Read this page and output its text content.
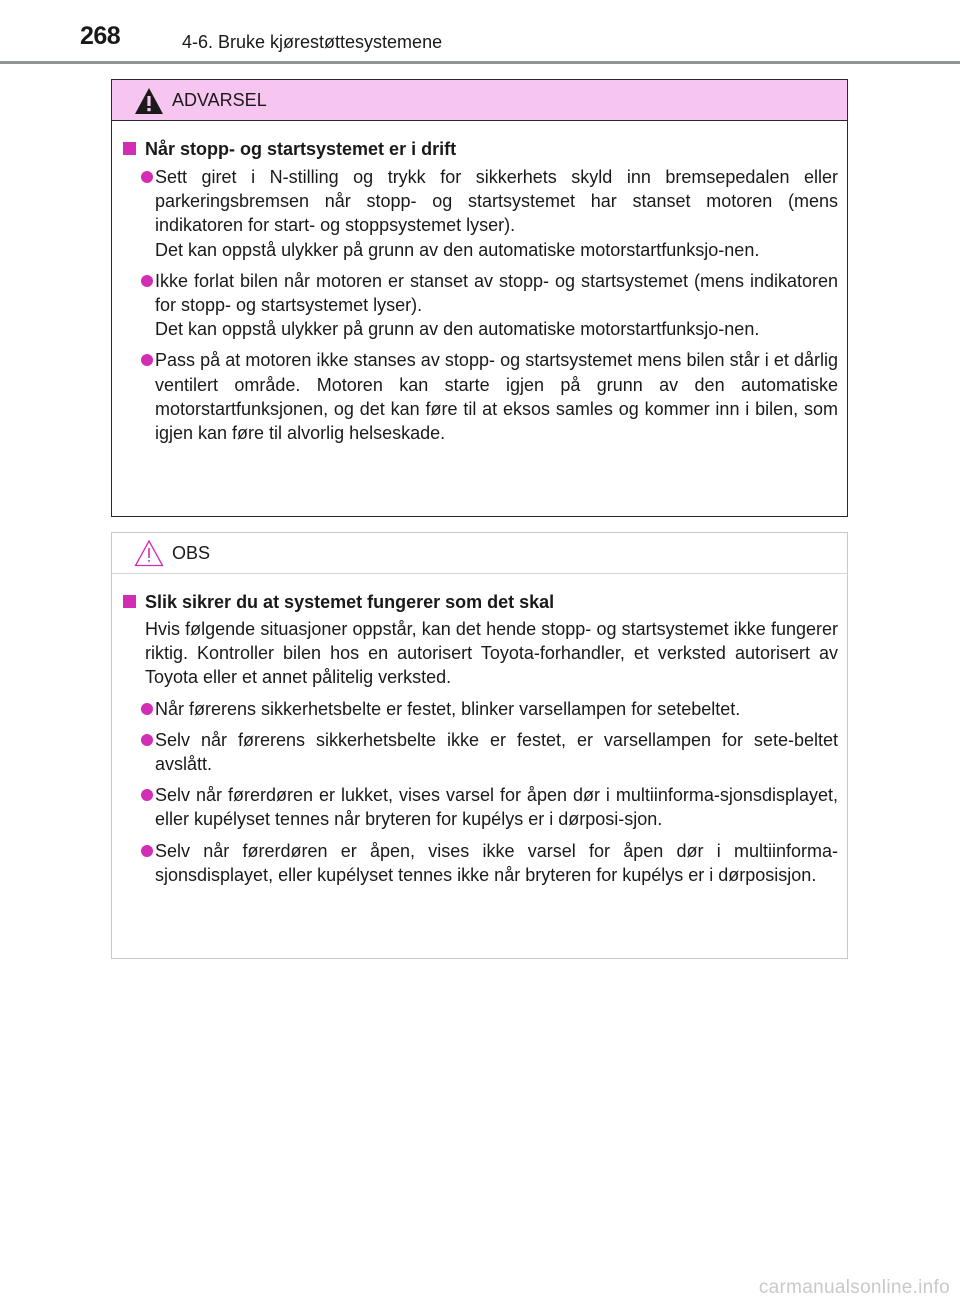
268	4-6. Bruke kjørestøttesystemene
ADVARSEL
Når stopp- og startsystemet er i drift
Sett giret i N-stilling og trykk for sikkerhets skyld inn bremsepedalen eller parkeringsbremsen når stopp- og startsystemet har stanset motoren (mens indikatoren for start- og stoppsystemet lyser).
Det kan oppstå ulykker på grunn av den automatiske motorstartfunksjo-nen.
Ikke forlat bilen når motoren er stanset av stopp- og startsystemet (mens indikatoren for stopp- og startsystemet lyser).
Det kan oppstå ulykker på grunn av den automatiske motorstartfunksjo-nen.
Pass på at motoren ikke stanses av stopp- og startsystemet mens bilen står i et dårlig ventilert område. Motoren kan starte igjen på grunn av den automatiske motorstartfunksjonen, og det kan føre til at eksos samles og kommer inn i bilen, som igjen kan føre til alvorlig helseskade.
OBS
Slik sikrer du at systemet fungerer som det skal
Hvis følgende situasjoner oppstår, kan det hende stopp- og startsystemet ikke fungerer riktig. Kontroller bilen hos en autorisert Toyota-forhandler, et verksted autorisert av Toyota eller et annet pålitelig verksted.
Når førerens sikkerhetsbelte er festet, blinker varsellampen for setebeltet.
Selv når førerens sikkerhetsbelte ikke er festet, er varsellampen for sete-beltet avslått.
Selv når førerdøren er lukket, vises varsel for åpen dør i multiinforma-sjonsdisplayet, eller kupélyset tennes når bryteren for kupélys er i dørposi-sjon.
Selv når førerdøren er åpen, vises ikke varsel for åpen dør i multiinforma-sjonsdisplayet, eller kupélyset tennes ikke når bryteren for kupélys er i dørposisjon.
carmanualsonline.info
